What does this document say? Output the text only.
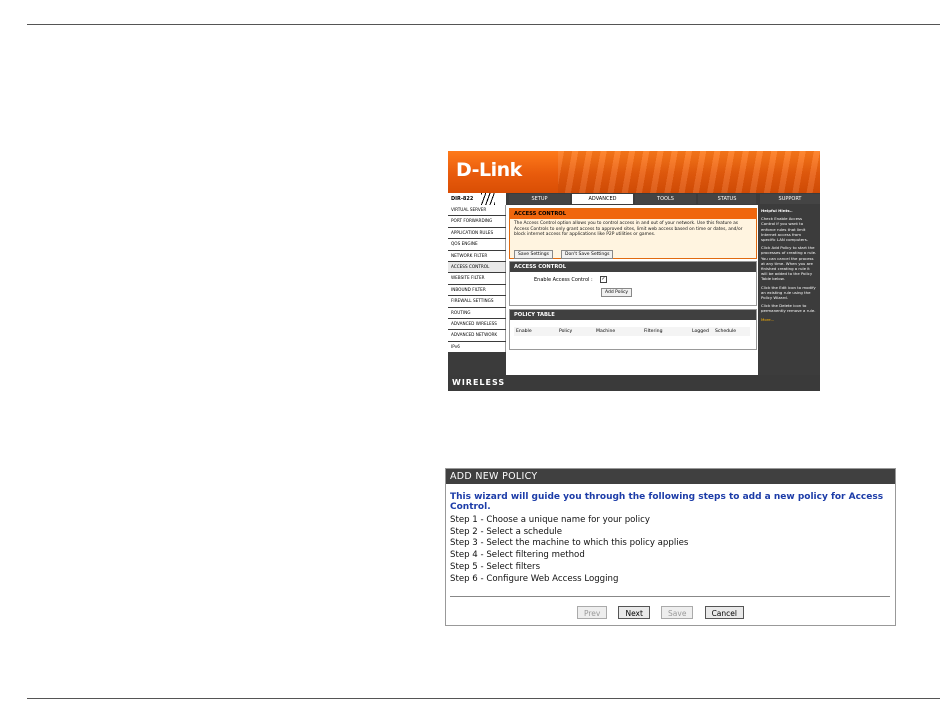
D-Link
DIR-822	SETUP	ADVANCED	TOOLS	STATUS	SUPPORT
VIRTUAL SERVER
PORT FORWARDING
APPLICATION RULES
QOS ENGINE
NETWORK FILTER
ACCESS CONTROL
WEBSITE FILTER
INBOUND FILTER
FIREWALL SETTINGS
ROUTING
ADVANCED WIRELESS
ADVANCED NETWORK
IPv6
ACCESS CONTROL
The Access Control option allows you to control access in and out of your network. Use this feature as Access Controls to only grant access to approved sites, limit web access based on time or dates, and/or block internet access for applications like P2P utilities or games.
Save Settings	Don't Save Settings
ACCESS CONTROL
Enable Access Control : ✓
Add Policy
POLICY TABLE
Enable	Policy	Machine	Filtering	Logged Schedule
Helpful Hints..
Check Enable Access Control if you want to enforce rules that limit Internet access from specific LAN computers.
Click Add Policy to start the processes of creating a rule. You can cancel the process at any time. When you are finished creating a rule it will be added to the Policy Table below.
Click the Edit icon to modify an existing rule using the Policy Wizard.
Click the Delete icon to permanently remove a rule.
More...
WIRELESS
ADD NEW POLICY
This wizard will guide you through the following steps to add a new policy for Access Control.
Step 1 - Choose a unique name for your policy
Step 2 - Select a schedule
Step 3 - Select the machine to which this policy applies
Step 4 - Select filtering method
Step 5 - Select filters
Step 6 - Configure Web Access Logging
Prev	Next	Save	Cancel
